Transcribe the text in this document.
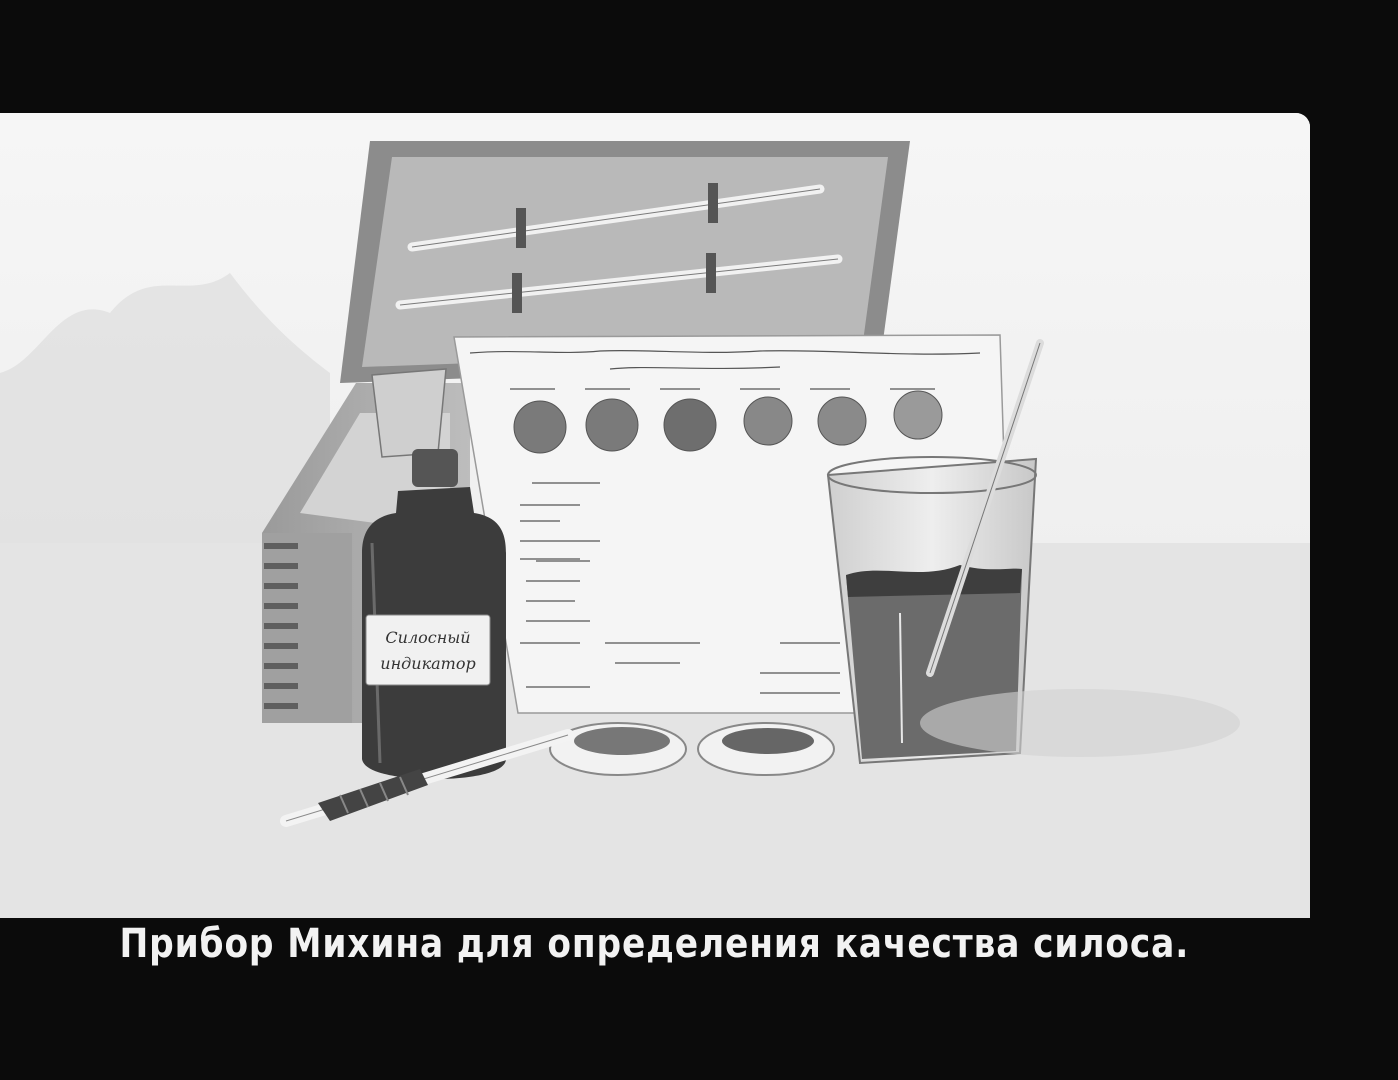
Силосный
индикатор
Прибор Михина для определения качества силоса.
